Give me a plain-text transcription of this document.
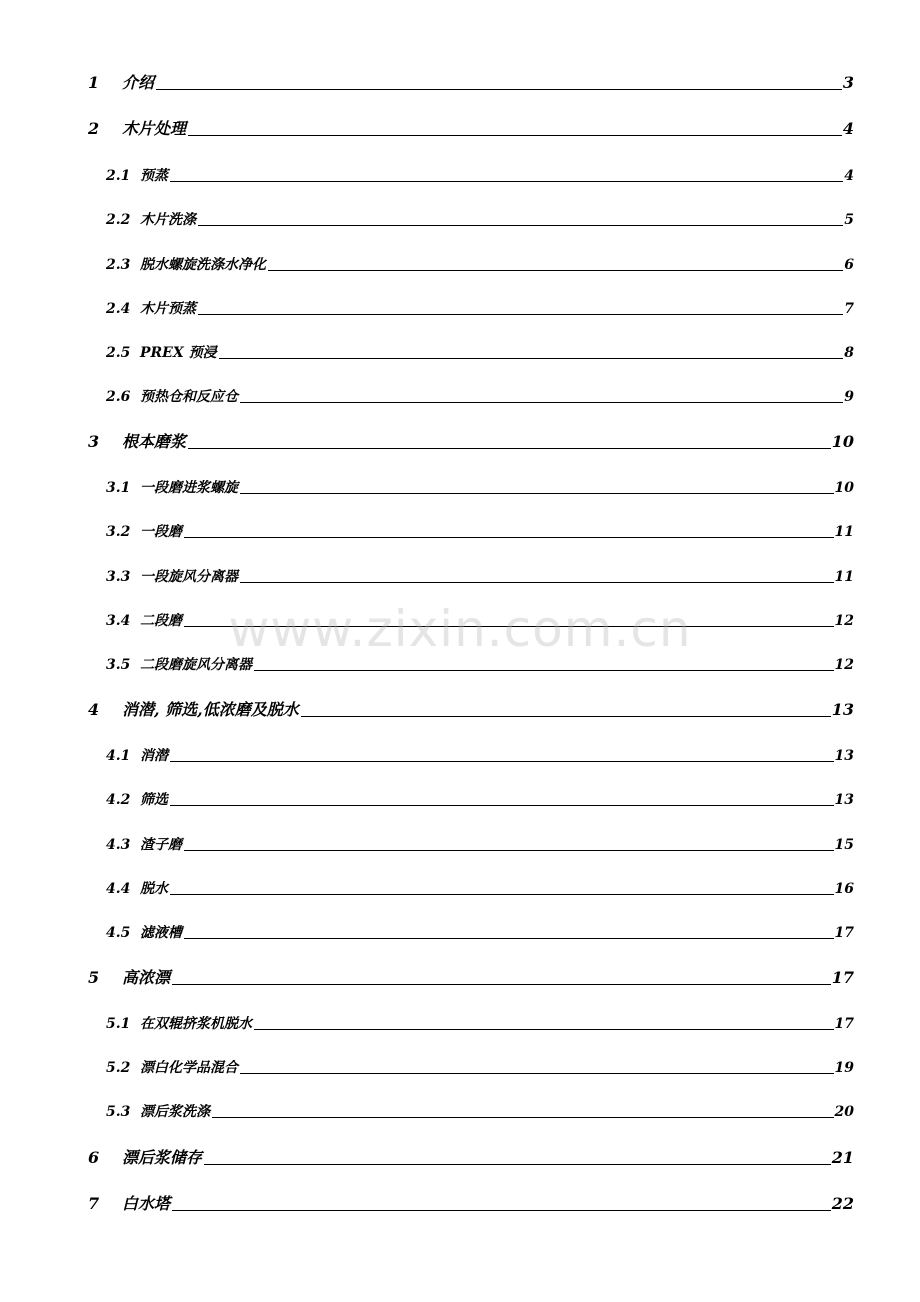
1	介绍	3
2	木片处理	4
2.1 预蒸	4
2.2 木片洗涤	5
2.3 脱水螺旋洗涤水净化	6
2.4 木片预蒸	7
2.5 PREX 预浸	8
2.6 预热仓和反应仓	9
3	根本磨浆	10
3.1 一段磨进浆螺旋	10
3.2 一段磨	11
3.3 一段旋风分离器	11
3.4 二段磨	12
3.5 二段磨旋风分离器	12
4	消潜, 筛选,低浓磨及脱水	13
4.1 消潜	13
4.2 筛选	13
4.3 渣子磨	15
4.4 脱水	16
4.5 滤液槽	17
5	高浓漂	17
5.1 在双辊挤浆机脱水	17
5.2 漂白化学品混合	19
5.3 漂后浆洗涤	20
6	漂后浆储存	21
7	白水塔	22
www.zixin.com.cn
